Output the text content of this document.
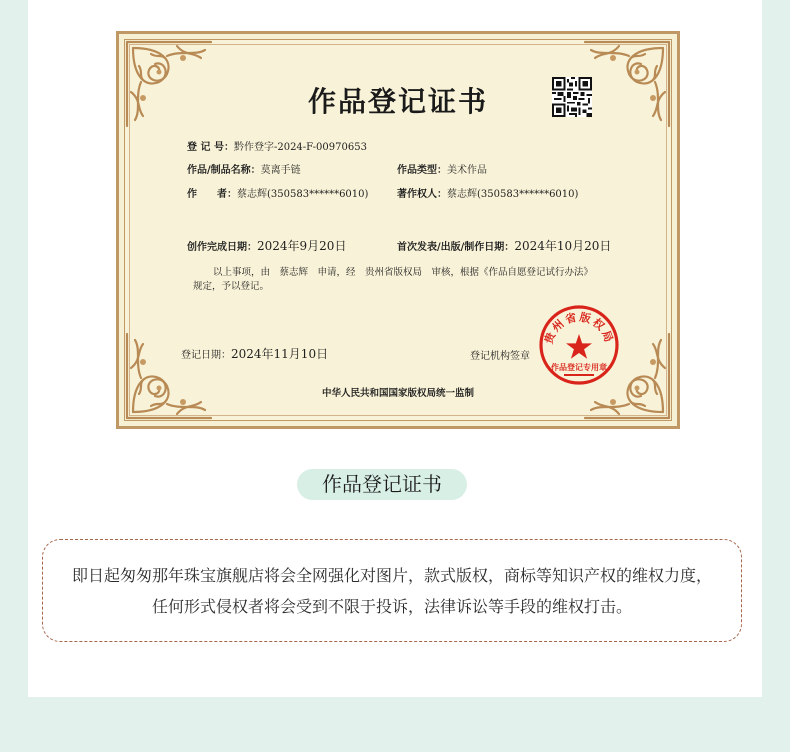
作品登记证书
登 记 号：黔作登字-2024-F-00970653
作品/制品名称：莫离手链	作品类型：美术作品
作　　者：蔡志辉(350583******6010)	著作权人：蔡志辉(350583******6010)
创作完成日期：2024年9月20日	首次发表/出版/制作日期：2024年10月20日
以上事项，由　蔡志辉　申请，经　贵州省版权局　审核，根据《作品自愿登记试行办法》
规定，予以登记。
登记日期：2024年11月10日	登记机构签章
贵州省版权局
作品登记专用章
中华人民共和国国家版权局统一监制
作品登记证书

即日起匆匆那年珠宝旗舰店将会全网强化对图片，款式版权，商标等知识产权的维权力度，

任何形式侵权者将会受到不限于投诉，法律诉讼等手段的维权打击。
